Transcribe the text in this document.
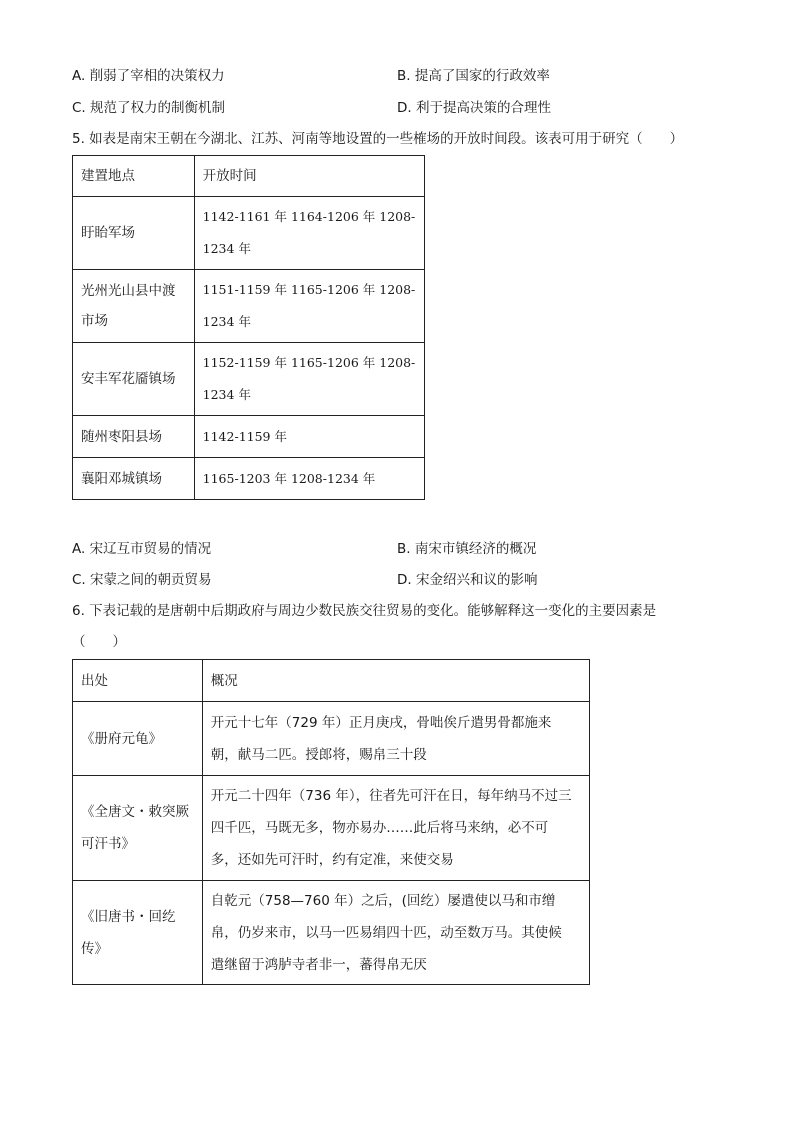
A. 削弱了宰相的决策权力	B. 提高了国家的行政效率
C. 规范了权力的制衡机制	D. 利于提高决策的合理性
5. 如表是南宋王朝在今湖北、江苏、河南等地设置的一些榷场的开放时间段。该表可用于研究（　　）
建置地点	开放时间
盱眙军场	1142-1161 年 1164-1206 年 1208-
1234 年
光州光山县中渡
市场	1151-1159 年 1165-1206 年 1208-
1234 年
安丰军花靥镇场	1152-1159 年 1165-1206 年 1208-
1234 年
随州枣阳县场	1142-1159 年
襄阳邓城镇场	1165-1203 年 1208-1234 年
A. 宋辽互市贸易的情况	B. 南宋市镇经济的概况
C. 宋蒙之间的朝贡贸易	D. 宋金绍兴和议的影响
6. 下表记载的是唐朝中后期政府与周边少数民族交往贸易的变化。能够解释这一变化的主要因素是
（　　）
出处	概况
《册府元龟》	开元十七年（729 年）正月庚戌，骨咄俟斤遣男骨都施来
朝，献马二匹。授郎将，赐帛三十段
《全唐文・敕突厥
可汗书》	开元二十四年（736 年），往者先可汗在日，每年纳马不过三
四千匹，马既无多，物亦易办……此后将马来纳，必不可
多，还如先可汗时，约有定准，来使交易
《旧唐书・回纥
传》	自乾元（758—760 年）之后，(回纥）屡遣使以马和市缯
帛，仍岁来市，以马一匹易绢四十匹，动至数万马。其使候
遣继留于鸿胪寺者非一，蕃得帛无厌
